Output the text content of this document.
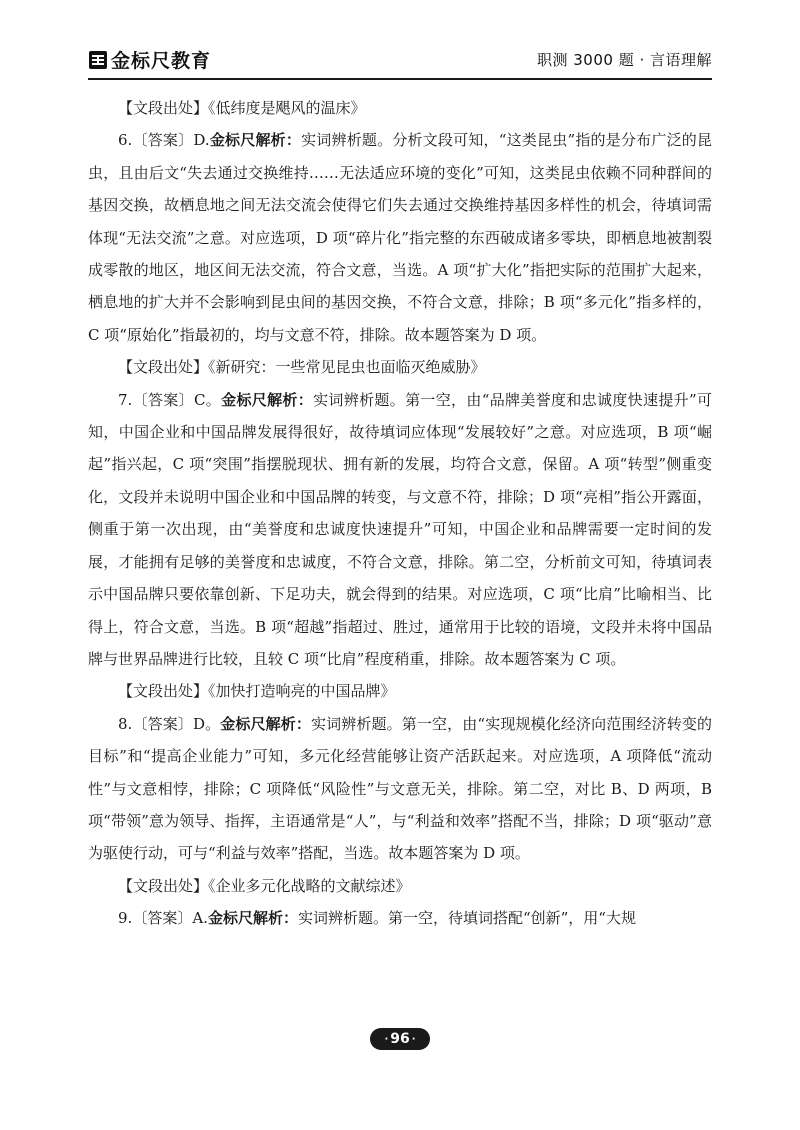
金标尺教育	职测 3000 题 · 言语理解

【文段出处】《低纬度是飓风的温床》

6.〔答案〕D.金标尺解析：实词辨析题。分析文段可知，“这类昆虫”指的是分布广泛的昆虫，且由后文“失去通过交换维持……无法适应环境的变化”可知，这类昆虫依赖不同种群间的基因交换，故栖息地之间无法交流会使得它们失去通过交换维持基因多样性的机会，待填词需体现“无法交流”之意。对应选项，D 项“碎片化”指完整的东西破成诸多零块，即栖息地被割裂成零散的地区，地区间无法交流，符合文意，当选。A 项“扩大化”指把实际的范围扩大起来，栖息地的扩大并不会影响到昆虫间的基因交换，不符合文意，排除；B 项“多元化”指多样的，C 项“原始化”指最初的，均与文意不符，排除。故本题答案为 D 项。

【文段出处】《新研究：一些常见昆虫也面临灭绝威胁》

7.〔答案〕C。金标尺解析：实词辨析题。第一空，由“品牌美誉度和忠诚度快速提升”可知，中国企业和中国品牌发展得很好，故待填词应体现“发展较好”之意。对应选项，B 项“崛起”指兴起，C 项“突围”指摆脱现状、拥有新的发展，均符合文意，保留。A 项“转型”侧重变化，文段并未说明中国企业和中国品牌的转变，与文意不符，排除；D 项“亮相”指公开露面，侧重于第一次出现，由“美誉度和忠诚度快速提升”可知，中国企业和品牌需要一定时间的发展，才能拥有足够的美誉度和忠诚度，不符合文意，排除。第二空，分析前文可知，待填词表示中国品牌只要依靠创新、下足功夫，就会得到的结果。对应选项，C 项“比肩”比喻相当、比得上，符合文意，当选。B 项“超越”指超过、胜过，通常用于比较的语境，文段并未将中国品牌与世界品牌进行比较，且较 C 项“比肩”程度稍重，排除。故本题答案为 C 项。

【文段出处】《加快打造响亮的中国品牌》

8.〔答案〕D。金标尺解析：实词辨析题。第一空，由“实现规模化经济向范围经济转变的目标”和“提高企业能力”可知，多元化经营能够让资产活跃起来。对应选项，A 项降低“流动性”与文意相悖，排除；C 项降低“风险性”与文意无关，排除。第二空，对比 B、D 两项，B 项“带领”意为领导、指挥，主语通常是“人”，与“利益和效率”搭配不当，排除；D 项“驱动”意为驱使行动，可与“利益与效率”搭配，当选。故本题答案为 D 项。

【文段出处】《企业多元化战略的文献综述》

9.〔答案〕A.金标尺解析：实词辨析题。第一空，待填词搭配“创新”，用“大规

· 96 ·
